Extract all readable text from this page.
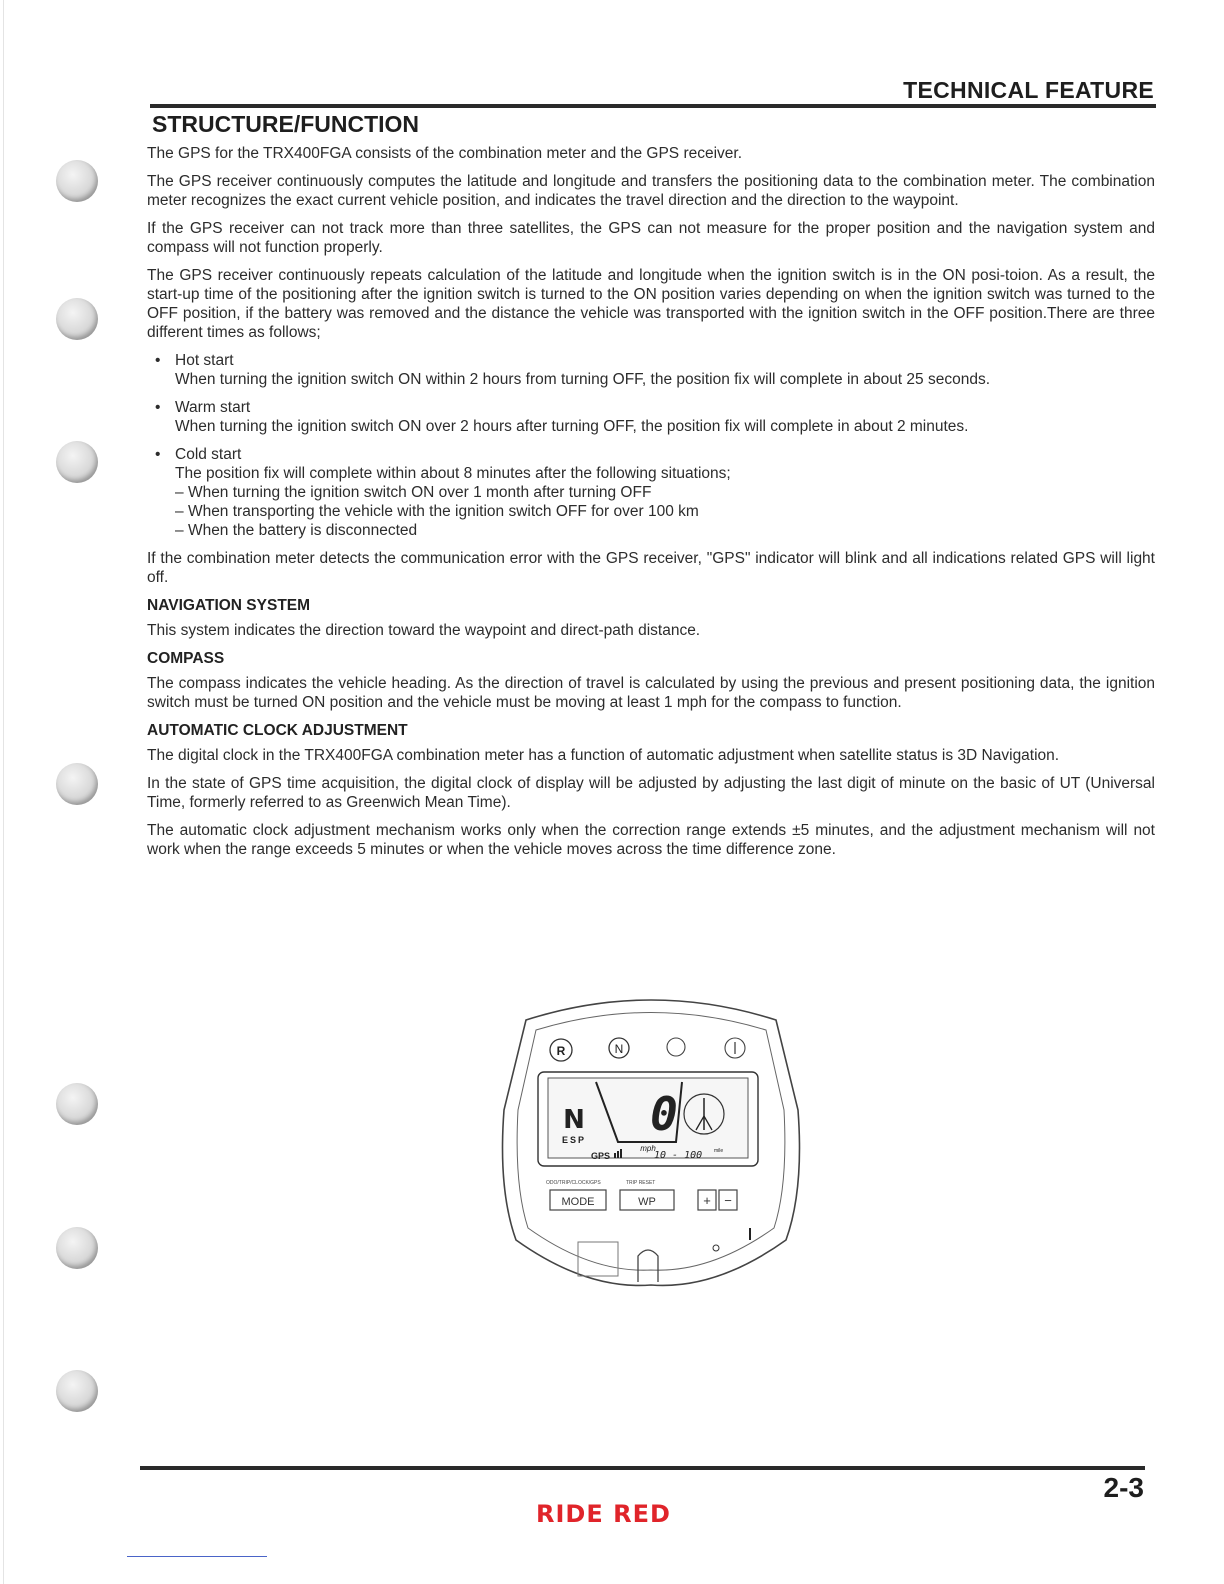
TECHNICAL FEATURE
STRUCTURE/FUNCTION

The GPS for the TRX400FGA consists of the combination meter and the GPS receiver.

The GPS receiver continuously computes the latitude and longitude and transfers the positioning data to the combination meter. The combination meter recognizes the exact current vehicle position, and indicates the travel direction and the direction to the waypoint.

If the GPS receiver can not track more than three satellites, the GPS can not measure for the proper position and the navigation system and compass will not function properly.

The GPS receiver continuously repeats calculation of the latitude and longitude when the ignition switch is in the ON posi-toion. As a result, the start-up time of the positioning after the ignition switch is turned to the ON position varies depending on when the ignition switch was turned to the OFF position, if the battery was removed and the distance the vehicle was transported with the ignition switch in the OFF position.There are three different times as follows;

• Hot start
When turning the ignition switch ON within 2 hours from turning OFF, the position fix will complete in about 25 seconds.
• Warm start
When turning the ignition switch ON over 2 hours after turning OFF, the position fix will complete in about 2 minutes.
• Cold start
The position fix will complete within about 8 minutes after the following situations;
– When turning the ignition switch ON over 1 month after turning OFF
– When transporting the vehicle with the ignition switch OFF for over 100 km
– When the battery is disconnected

If the combination meter detects the communication error with the GPS receiver, "GPS" indicator will blink and all indications related GPS will light off.

NAVIGATION SYSTEM

This system indicates the direction toward the waypoint and direct-path distance.

COMPASS

The compass indicates the vehicle heading. As the direction of travel is calculated by using the previous and present positioning data, the ignition switch must be turned ON position and the vehicle must be moving at least 1 mph for the compass to function.

AUTOMATIC CLOCK ADJUSTMENT

The digital clock in the TRX400FGA combination meter has a function of automatic adjustment when satellite status is 3D Navigation.

In the state of GPS time acquisition, the digital clock of display will be adjusted by adjusting the last digit of minute on the basic of UT (Universal Time, formerly referred to as Greenwich Mean Time).

The automatic clock adjustment mechanism works only when the correction range extends ±5 minutes, and the adjustment mechanism will not work when the range exceeds 5 minutes or when the vehicle moves across the time difference zone.

R	N
N
ESP 0
mph
GPS	10 - 100 mile
ODO/TRIP/CLOCK/GPS	TRIP RESET
MODE	WP	+ −
2-3
RIDE RED
